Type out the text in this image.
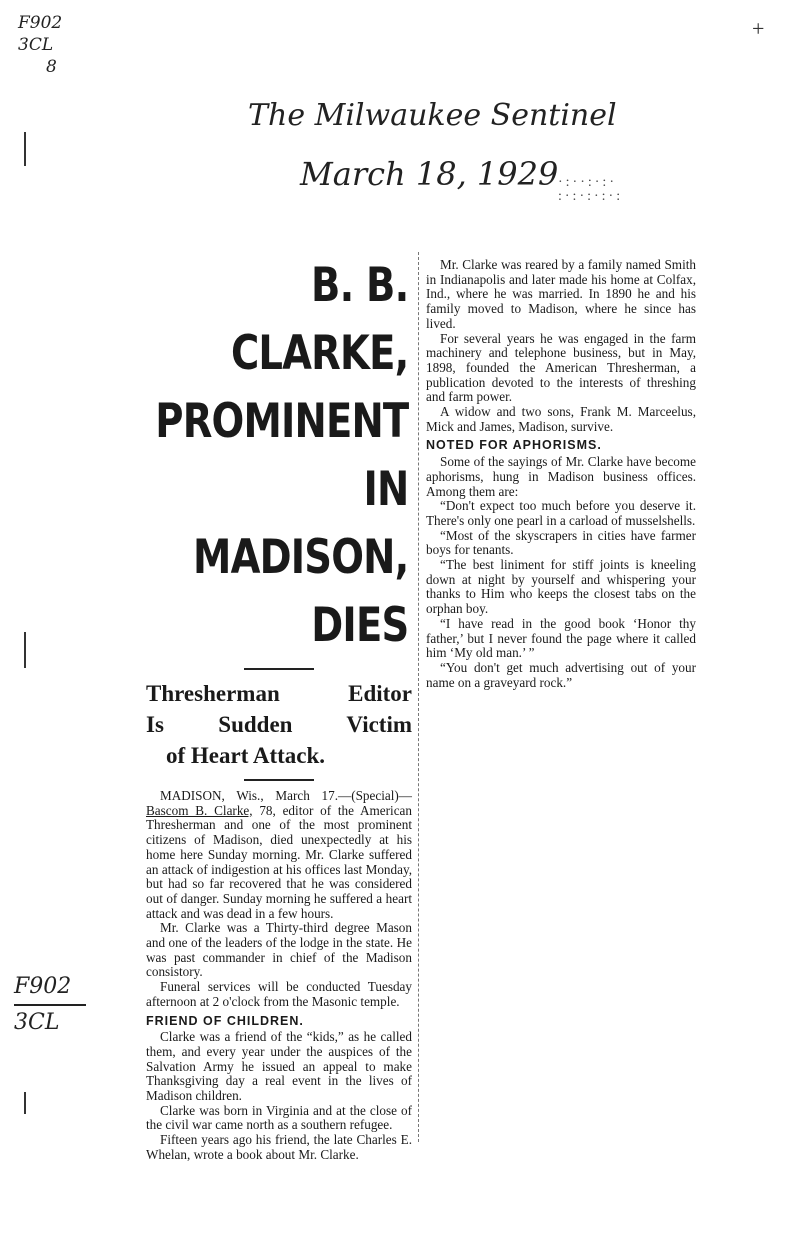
F902
3CL
8
+
The Milwaukee Sentinel
March 18, 1929 ·:··:·:·
:·:·:·:·:
F902
3CL
B. B. CLARKE,
PROMINENT IN
MADISON, DIES
Thresherman Editor
Is Sudden Victim
of Heart Attack.

MADISON, Wis., March 17.—(Special)—Bascom B. Clarke, 78, editor of the American Thresherman and one of the most prominent citizens of Madison, died unexpectedly at his home here Sunday morning. Mr. Clarke suffered an attack of indigestion at his offices last Monday, but had so far recovered that he was considered out of danger. Sunday morning he suffered a heart attack and was dead in a few hours.

Mr. Clarke was a Thirty-third degree Mason and one of the leaders of the lodge in the state. He was past commander in chief of the Madison consistory.

Funeral services will be conducted Tuesday afternoon at 2 o'clock from the Masonic temple.

FRIEND OF CHILDREN.

Clarke was a friend of the “kids,” as he called them, and every year under the auspices of the Salvation Army he issued an appeal to make Thanksgiving day a real event in the lives of Madison children.

Clarke was born in Virginia and at the close of the civil war came north as a southern refugee.

Fifteen years ago his friend, the late Charles E. Whelan, wrote a book about Mr. Clarke.

Mr. Clarke was reared by a family named Smith in Indianapolis and later made his home at Colfax, Ind., where he was married. In 1890 he and his family moved to Madison, where he since has lived.

For several years he was engaged in the farm machinery and telephone business, but in May, 1898, founded the American Thresherman, a publication devoted to the interests of threshing and farm power.

A widow and two sons, Frank M. Marceelus, Mick and James, Madison, survive.

NOTED FOR APHORISMS.

Some of the sayings of Mr. Clarke have become aphorisms, hung in Madison business offices. Among them are:

“Don't expect too much before you deserve it. There's only one pearl in a carload of musselshells.

“Most of the skyscrapers in cities have farmer boys for tenants.

“The best liniment for stiff joints is kneeling down at night by yourself and whispering your thanks to Him who keeps the closest tabs on the orphan boy.

“I have read in the good book ‘Honor thy father,’ but I never found the page where it called him ‘My old man.’ ”

“You don't get much advertising out of your name on a graveyard rock.”
